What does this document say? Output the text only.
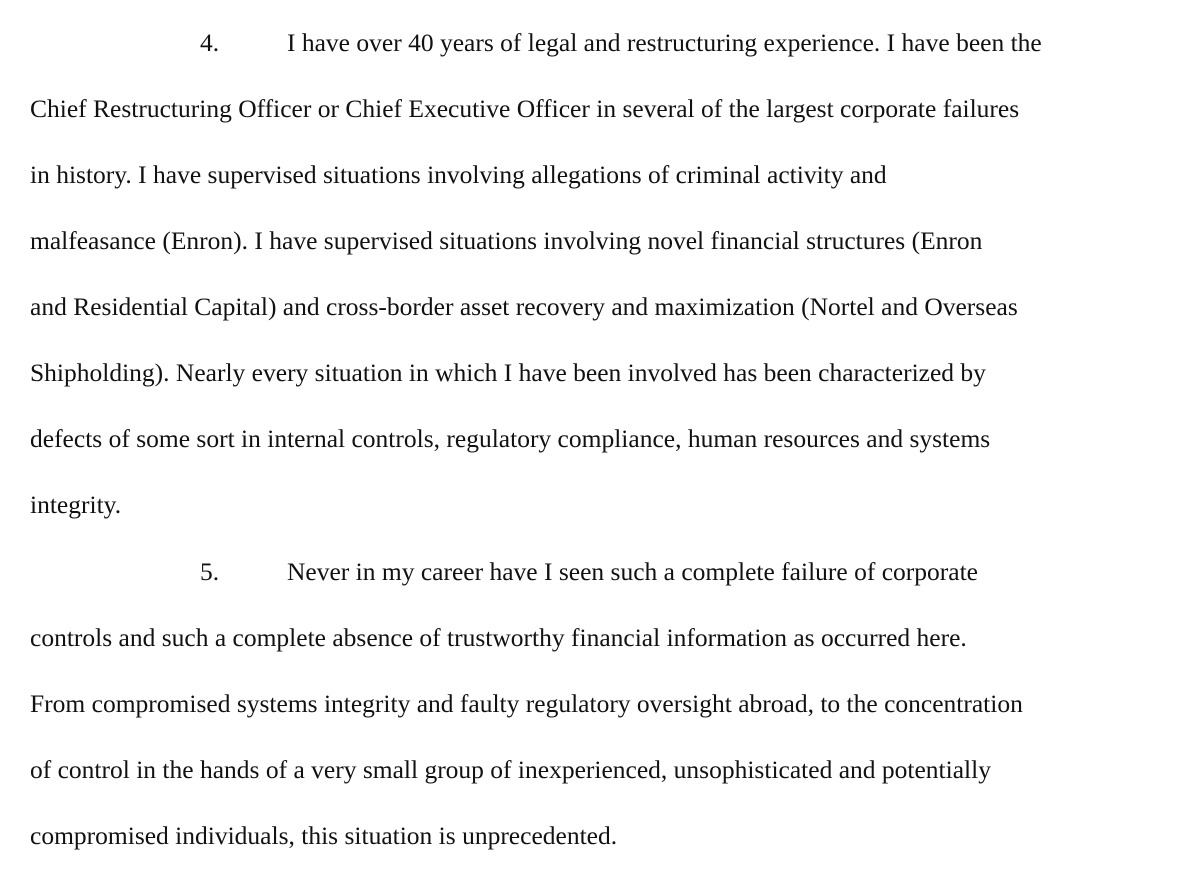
4.	I have over 40 years of legal and restructuring experience. I have been the
Chief Restructuring Officer or Chief Executive Officer in several of the largest corporate failures
in history. I have supervised situations involving allegations of criminal activity and
malfeasance (Enron). I have supervised situations involving novel financial structures (Enron
and Residential Capital) and cross-border asset recovery and maximization (Nortel and Overseas
Shipholding). Nearly every situation in which I have been involved has been characterized by
defects of some sort in internal controls, regulatory compliance, human resources and systems
integrity.
5.	Never in my career have I seen such a complete failure of corporate
controls and such a complete absence of trustworthy financial information as occurred here.
From compromised systems integrity and faulty regulatory oversight abroad, to the concentration
of control in the hands of a very small group of inexperienced, unsophisticated and potentially
compromised individuals, this situation is unprecedented.
